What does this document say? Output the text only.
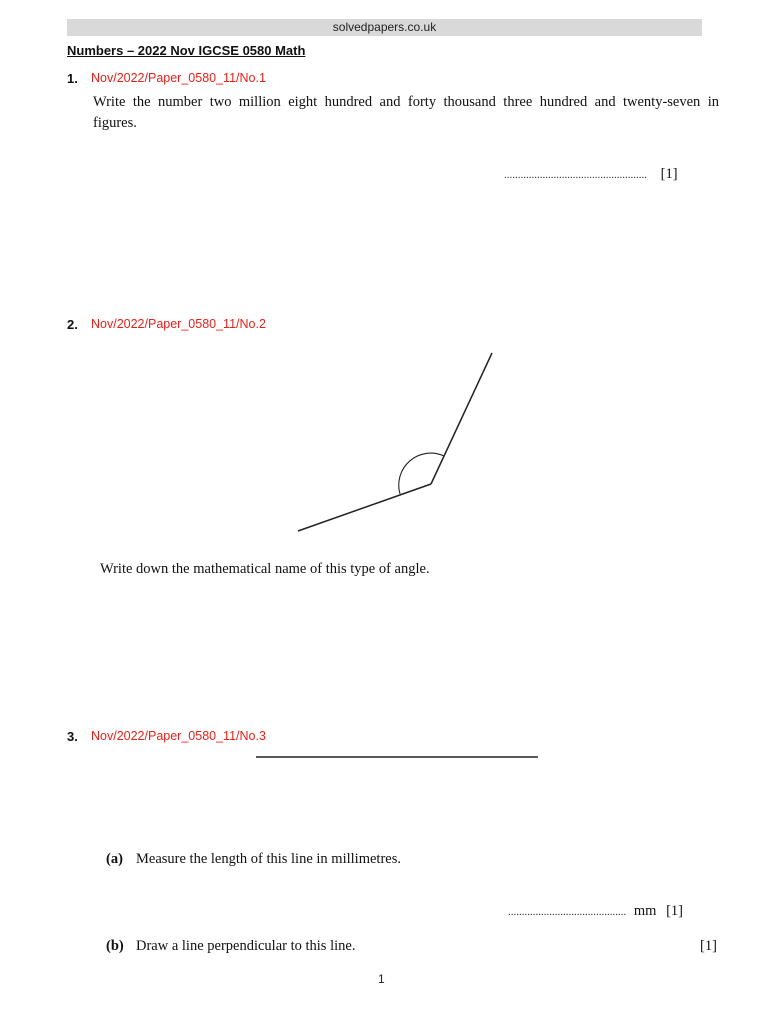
solvedpapers.co.uk
Numbers – 2022 Nov IGCSE 0580 Math
1. Nov/2022/Paper_0580_11/No.1
Write the number two million eight hundred and forty thousand three hundred and twenty-seven in
figures.
.................................................... [1]
2. Nov/2022/Paper_0580_11/No.2
Write down the mathematical name of this type of angle.
3. Nov/2022/Paper_0580_11/No.3
(a) Measure the length of this line in millimetres.
........................................... mm [1]
(b) Draw a line perpendicular to this line.	[1]
1
